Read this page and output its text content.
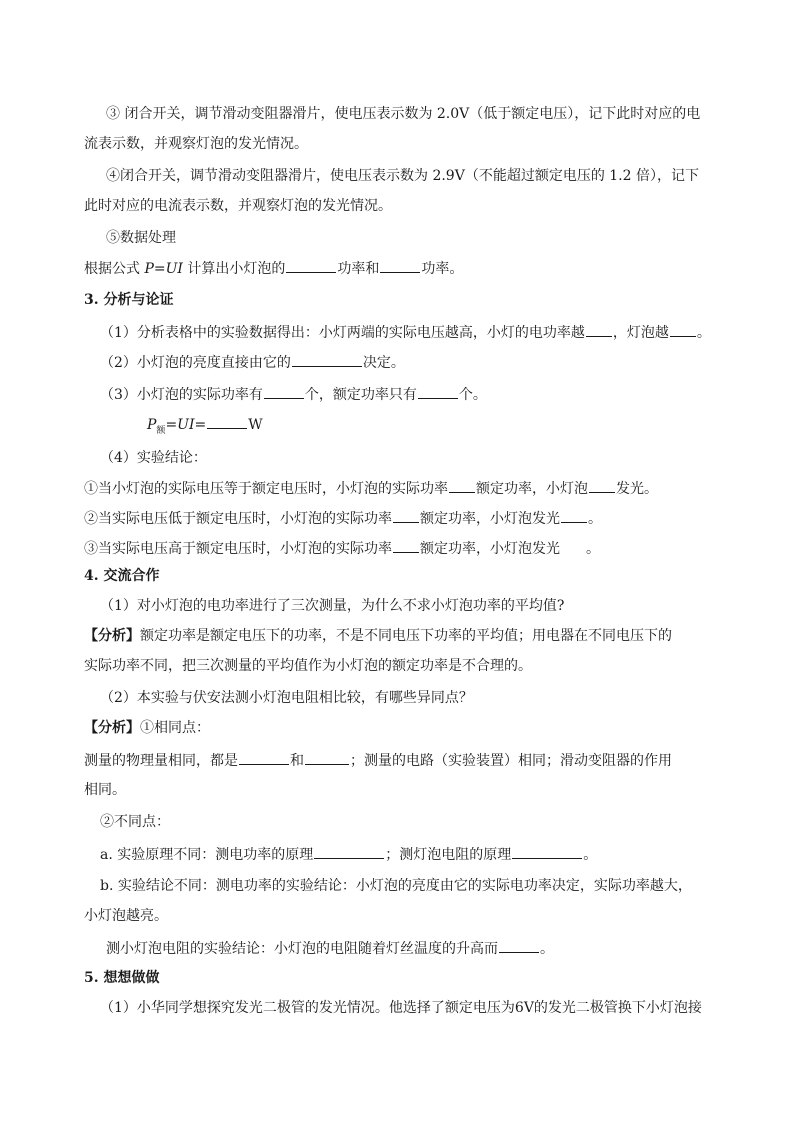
③ 闭合开关，调节滑动变阻器滑片，使电压表示数为 2.0V（低于额定电压），记下此时对应的电
流表示数，并观察灯泡的发光情况。
④闭合开关，调节滑动变阻器滑片，使电压表示数为 2.9V（不能超过额定电压的 1.2 倍），记下
此时对应的电流表示数，并观察灯泡的发光情况。
⑤数据处理
根据公式 P=UI 计算出小灯泡的	功率和	功率。
3. 分析与论证
（1）分析表格中的实验数据得出：小灯两端的实际电压越高，小灯的电功率越 ，灯泡越 。
（2）小灯泡的亮度直接由它的	决定。
（3）小灯泡的实际功率有	个，额定功率只有	个。
$P_额=UI=$	W
（4）实验结论：
①当小灯泡的实际电压等于额定电压时，小灯泡的实际功率 额定功率，小灯泡 发光。
②当实际电压低于额定电压时，小灯泡的实际功率 额定功率，小灯泡发光 。
③当实际电压高于额定电压时，小灯泡的实际功率 额定功率，小灯泡发光 。
4. 交流合作
（1）对小灯泡的电功率进行了三次测量，为什么不求小灯泡功率的平均值?
【分析】额定功率是额定电压下的功率，不是不同电压下功率的平均值；用电器在不同电压下的
实际功率不同，把三次测量的平均值作为小灯泡的额定功率是不合理的。
（2）本实验与伏安法测小灯泡电阻相比较，有哪些异同点？
【分析】①相同点：
测量的物理量相同，都是	和	；测量的电路（实验装置）相同；滑动变阻器的作用
相同。
②不同点：
a. 实验原理不同：测电功率的原理	；测灯泡电阻的原理	。
b. 实验结论不同：测电功率的实验结论：小灯泡的亮度由它的实际电功率决定，实际功率越大，
小灯泡越亮。
测小灯泡电阻的实验结论：小灯泡的电阻随着灯丝温度的升高而	。
5. 想想做做
（1）小华同学想探究发光二极管的发光情况。他选择了额定电压为6V的发光二极管换下小灯泡接
